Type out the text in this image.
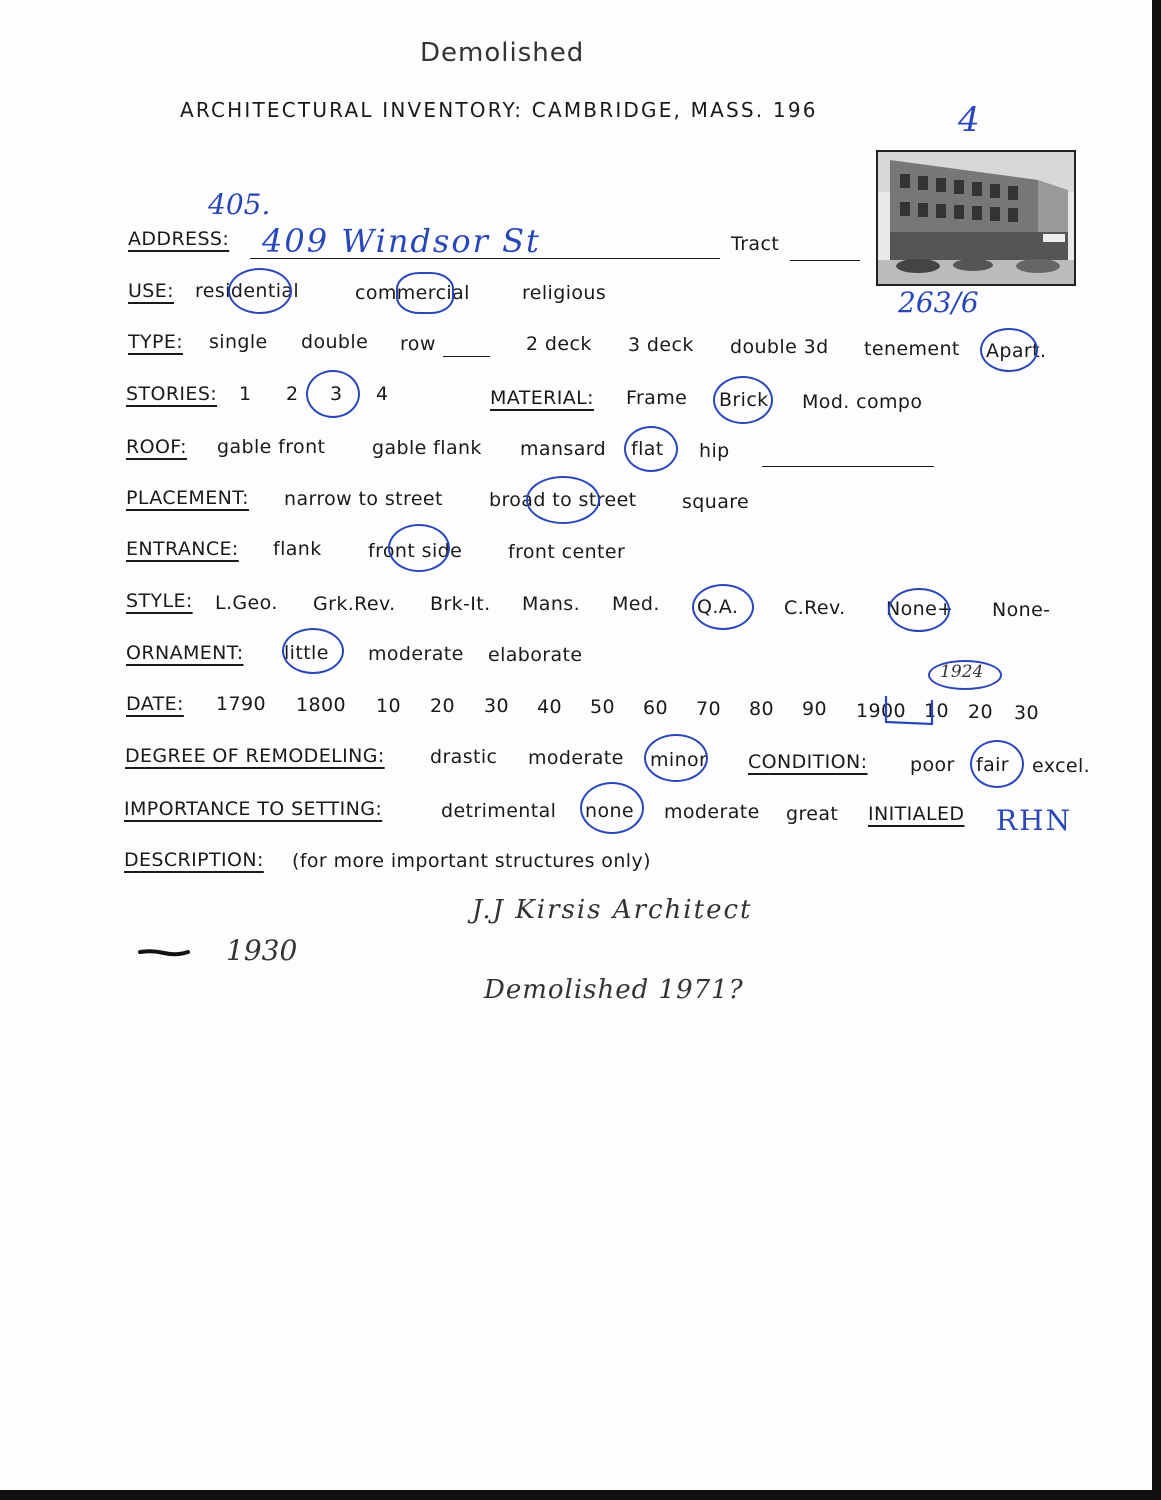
Demolished
ARCHITECTURAL INVENTORY: CAMBRIDGE, MASS. 196	4
405.
ADDRESS: 409 Windsor St	Tract
263/6
USE: residential	commercial	religious
TYPE: single double row	2 deck 3 deck double 3d tenement Apart.
STORIES: 1 2 3 4	MATERIAL: Frame Brick Mod. compo
ROOF: gable front gable flank mansard flat hip
PLACEMENT: narrow to street broad to street square
ENTRANCE: flank front side front center
STYLE: L.Geo. Grk.Rev. Brk-It. Mans. Med. Q.A. C.Rev. None+ None-
ORNAMENT: little moderate elaborate
DATE: 1790 1800 10 20 30 40 50 60 70 80 90 1900 10 20 30
1924
DEGREE OF REMODELING: drastic moderate minor CONDITION: poor fair excel.
IMPORTANCE TO SETTING:	detrimental none moderate great INITIALED RHN
DESCRIPTION: (for more important structures only)
J.J Kirsis Architect
1930
Demolished 1971?
